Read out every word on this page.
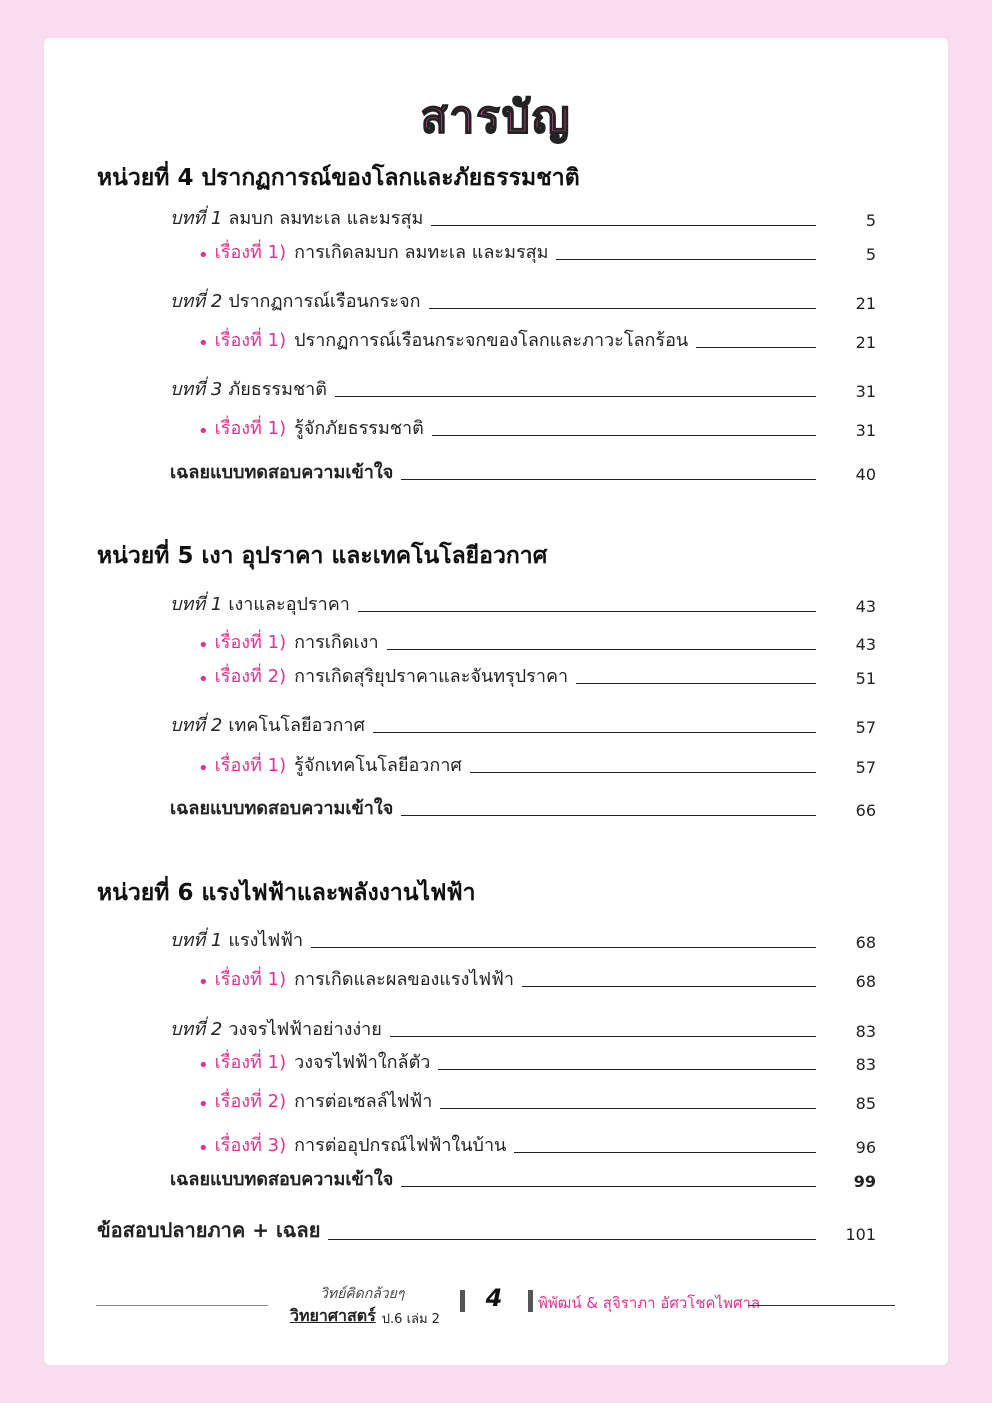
สารบัญ
หน่วยที่ 4 ปรากฏการณ์ของโลกและภัยธรรมชาติ
บทที่ 1 ลมบก ลมทะเล และมรสุม	5
• เรื่องที่ 1) การเกิดลมบก ลมทะเล และมรสุม	5
บทที่ 2 ปรากฏการณ์เรือนกระจก	21
• เรื่องที่ 1) ปรากฏการณ์เรือนกระจกของโลกและภาวะโลกร้อน	21
บทที่ 3 ภัยธรรมชาติ	31
• เรื่องที่ 1) รู้จักภัยธรรมชาติ	31
เฉลยแบบทดสอบความเข้าใจ	40
หน่วยที่ 5 เงา อุปราคา และเทคโนโลยีอวกาศ
บทที่ 1 เงาและอุปราคา	43
• เรื่องที่ 1) การเกิดเงา	43
• เรื่องที่ 2) การเกิดสุริยุปราคาและจันทรุปราคา	51
บทที่ 2 เทคโนโลยีอวกาศ	57
• เรื่องที่ 1) รู้จักเทคโนโลยีอวกาศ	57
เฉลยแบบทดสอบความเข้าใจ	66
หน่วยที่ 6 แรงไฟฟ้าและพลังงานไฟฟ้า
บทที่ 1 แรงไฟฟ้า	68
• เรื่องที่ 1) การเกิดและผลของแรงไฟฟ้า	68
บทที่ 2 วงจรไฟฟ้าอย่างง่าย	83
• เรื่องที่ 1) วงจรไฟฟ้าใกล้ตัว	83
• เรื่องที่ 2) การต่อเซลล์ไฟฟ้า	85
• เรื่องที่ 3) การต่ออุปกรณ์ไฟฟ้าในบ้าน	96
เฉลยแบบทดสอบความเข้าใจ	99
ข้อสอบปลายภาค + เฉลย	101
วิทย์คิดกล้วยๆ
วิทยาศาสตร์ ป.6 เล่ม 2
4 พิพัฒน์ & สุจิราภา อัศวโชคไพศาล
